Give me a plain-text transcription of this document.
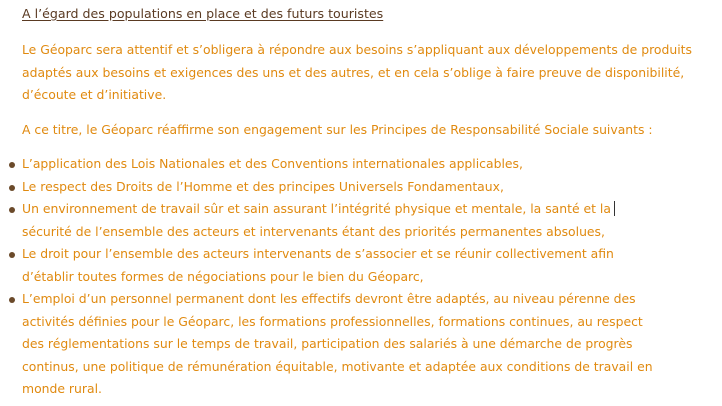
A l’égard des populations en place et des futurs touristes
Le Géoparc sera attentif et s’obligera à répondre aux besoins s’appliquant aux développements de produits
adaptés aux besoins et exigences des uns et des autres, et en cela s’oblige à faire preuve de disponibilité,
d’écoute et d’initiative.
A ce titre, le Géoparc réaffirme son engagement sur les Principes de Responsabilité Sociale suivants :
L’application des Lois Nationales et des Conventions internationales applicables,
Le respect des Droits de l’Homme et des principes Universels Fondamentaux,
Un environnement de travail sûr et sain assurant l’intégrité physique et mentale, la santé et la
sécurité de l’ensemble des acteurs et intervenants étant des priorités permanentes absolues,
Le droit pour l’ensemble des acteurs intervenants de s’associer et se réunir collectivement afin
d’établir toutes formes de négociations pour le bien du Géoparc,
L’emploi d’un personnel permanent dont les effectifs devront être adaptés, au niveau pérenne des
activités définies pour le Géoparc, les formations professionnelles, formations continues, au respect
des réglementations sur le temps de travail, participation des salariés à une démarche de progrès
continus, une politique de rémunération équitable, motivante et adaptée aux conditions de travail en
monde rural.
